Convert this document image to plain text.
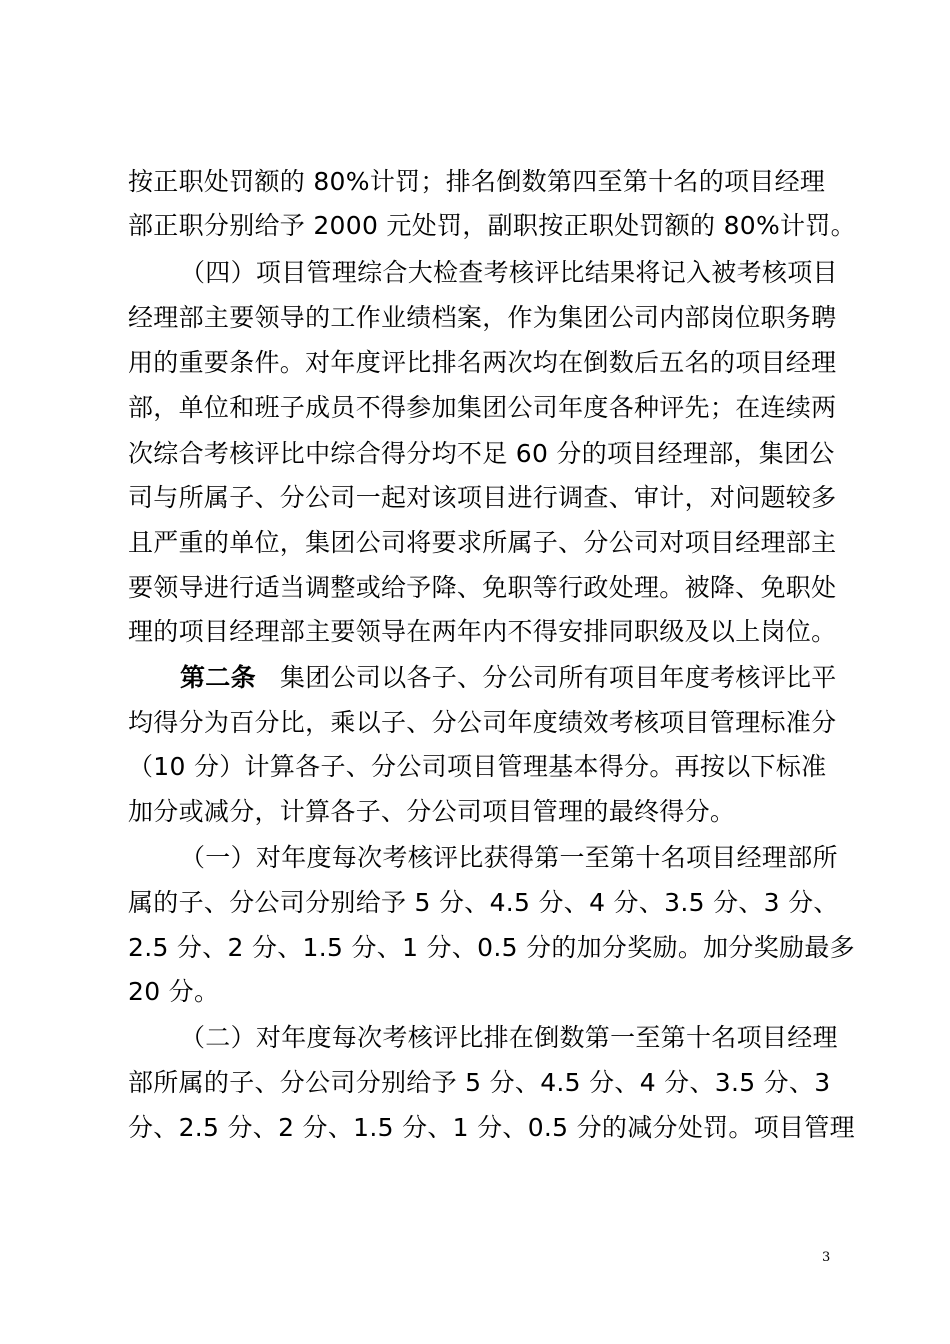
按正职处罚额的 80%计罚；排名倒数第四至第十名的项目经理
部正职分别给予 2000 元处罚，副职按正职处罚额的 80%计罚。
（四）项目管理综合大检查考核评比结果将记入被考核项目
经理部主要领导的工作业绩档案，作为集团公司内部岗位职务聘
用的重要条件。对年度评比排名两次均在倒数后五名的项目经理
部，单位和班子成员不得参加集团公司年度各种评先；在连续两
次综合考核评比中综合得分均不足 60 分的项目经理部，集团公
司与所属子、分公司一起对该项目进行调查、审计，对问题较多
且严重的单位，集团公司将要求所属子、分公司对项目经理部主
要领导进行适当调整或给予降、免职等行政处理。被降、免职处
理的项目经理部主要领导在两年内不得安排同职级及以上岗位。
第二条 集团公司以各子、分公司所有项目年度考核评比平
均得分为百分比，乘以子、分公司年度绩效考核项目管理标准分
（10 分）计算各子、分公司项目管理基本得分。再按以下标准
加分或减分，计算各子、分公司项目管理的最终得分。
（一）对年度每次考核评比获得第一至第十名项目经理部所
属的子、分公司分别给予 5 分、4.5 分、4 分、3.5 分、3 分、
2.5 分、2 分、1.5 分、1 分、0.5 分的加分奖励。加分奖励最多
20 分。
（二）对年度每次考核评比排在倒数第一至第十名项目经理
部所属的子、分公司分别给予 5 分、4.5 分、4 分、3.5 分、3
分、2.5 分、2 分、1.5 分、1 分、0.5 分的减分处罚。项目管理
3
